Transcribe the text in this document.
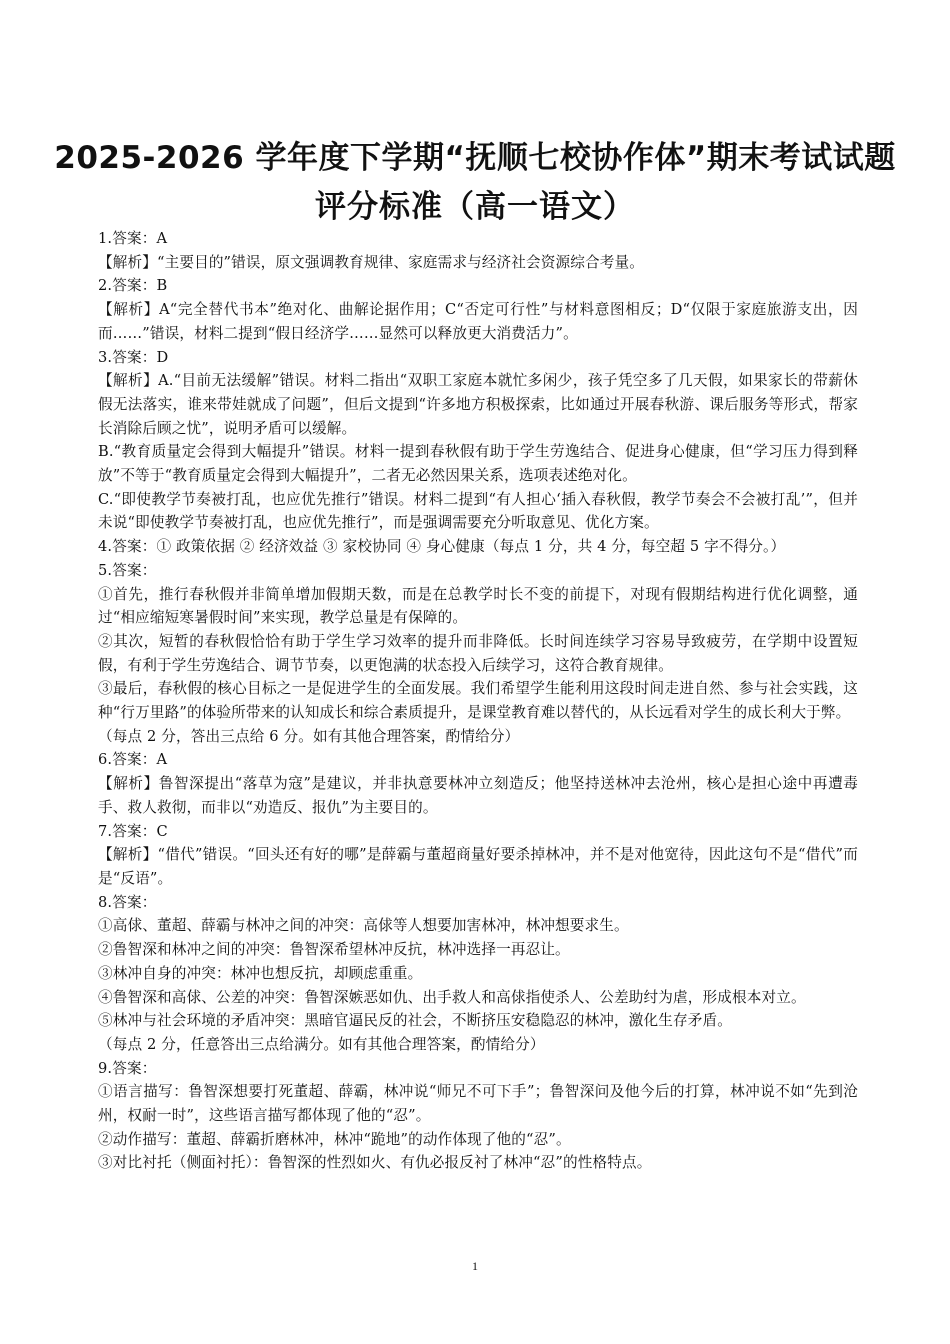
2025-2026 学年度下学期“抚顺七校协作体”期末考试试题
评分标准（高一语文）

1.答案：A

【解析】“主要目的”错误，原文强调教育规律、家庭需求与经济社会资源综合考量。

2.答案：B

【解析】A“完全替代书本”绝对化、曲解论据作用；C“否定可行性”与材料意图相反；D“仅限于家庭旅游支出，因而……”错误，材料二提到“假日经济学……显然可以释放更大消费活力”。

3.答案：D

【解析】A.“目前无法缓解”错误。材料二指出“双职工家庭本就忙多闲少，孩子凭空多了几天假，如果家长的带薪休假无法落实，谁来带娃就成了问题”，但后文提到“许多地方积极探索，比如通过开展春秋游、课后服务等形式，帮家长消除后顾之忧”，说明矛盾可以缓解。

B.“教育质量定会得到大幅提升”错误。材料一提到春秋假有助于学生劳逸结合、促进身心健康，但“学习压力得到释放”不等于“教育质量定会得到大幅提升”，二者无必然因果关系，选项表述绝对化。

C.“即使教学节奏被打乱，也应优先推行”错误。材料二提到“有人担心‘插入春秋假，教学节奏会不会被打乱’”，但并未说“即使教学节奏被打乱，也应优先推行”，而是强调需要充分听取意见、优化方案。

4.答案：① 政策依据 ② 经济效益 ③ 家校协同 ④ 身心健康（每点 1 分，共 4 分，每空超 5 字不得分。）

5.答案：

①首先，推行春秋假并非简单增加假期天数，而是在总教学时长不变的前提下，对现有假期结构进行优化调整，通过“相应缩短寒暑假时间”来实现，教学总量是有保障的。

②其次，短暂的春秋假恰恰有助于学生学习效率的提升而非降低。长时间连续学习容易导致疲劳，在学期中设置短假，有利于学生劳逸结合、调节节奏，以更饱满的状态投入后续学习，这符合教育规律。

③最后，春秋假的核心目标之一是促进学生的全面发展。我们希望学生能利用这段时间走进自然、参与社会实践，这种“行万里路”的体验所带来的认知成长和综合素质提升，是课堂教育难以替代的，从长远看对学生的成长利大于弊。

（每点 2 分，答出三点给 6 分。如有其他合理答案，酌情给分）

6.答案：A

【解析】鲁智深提出“落草为寇”是建议，并非执意要林冲立刻造反；他坚持送林冲去沧州，核心是担心途中再遭毒手、救人救彻，而非以“劝造反、报仇”为主要目的。

7.答案：C

【解析】“借代”错误。“回头还有好的哪”是薛霸与董超商量好要杀掉林冲，并不是对他宽待，因此这句不是“借代”而是“反语”。

8.答案：

①高俅、董超、薛霸与林冲之间的冲突：高俅等人想要加害林冲，林冲想要求生。

②鲁智深和林冲之间的冲突：鲁智深希望林冲反抗，林冲选择一再忍让。

③林冲自身的冲突：林冲也想反抗，却顾虑重重。

④鲁智深和高俅、公差的冲突：鲁智深嫉恶如仇、出手救人和高俅指使杀人、公差助纣为虐，形成根本对立。

⑤林冲与社会环境的矛盾冲突：黑暗官逼民反的社会，不断挤压安稳隐忍的林冲，激化生存矛盾。

（每点 2 分，任意答出三点给满分。如有其他合理答案，酌情给分）

9.答案：

①语言描写：鲁智深想要打死董超、薛霸，林冲说“师兄不可下手”；鲁智深问及他今后的打算，林冲说不如“先到沧州，权耐一时”，这些语言描写都体现了他的“忍”。

②动作描写：董超、薛霸折磨林冲，林冲“跪地”的动作体现了他的“忍”。

③对比衬托（侧面衬托）：鲁智深的性烈如火、有仇必报反衬了林冲“忍”的性格特点。

1
